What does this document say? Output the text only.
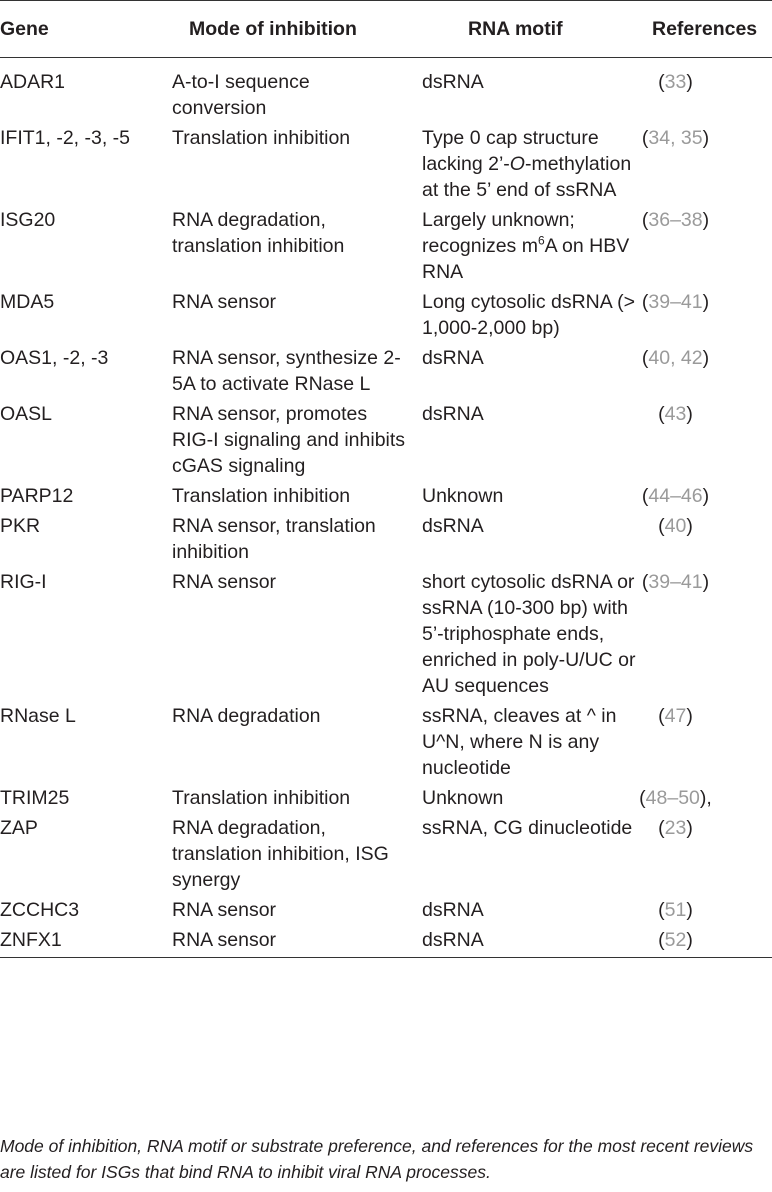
Gene	Mode of inhibition	RNA motif	References
ADAR1	A-to-I sequence conversion	dsRNA	(33)
IFIT1, -2, -3, -5	Translation inhibition	Type 0 cap structure lacking 2’-O-methylation at the 5’ end of ssRNA	(34, 35)
ISG20	RNA degradation, translation inhibition	Largely unknown; recognizes $m^6A$ on HBV RNA	(36–38)
MDA5	RNA sensor	Long cytosolic dsRNA (> 1,000-2,000 bp)	(39–41)
OAS1, -2, -3	RNA sensor, synthesize 2-5A to activate RNase L	dsRNA	(40, 42)
OASL	RNA sensor, promotes RIG-I signaling and inhibits cGAS signaling	dsRNA	(43)
PARP12	Translation inhibition	Unknown	(44–46)
PKR	RNA sensor, translation inhibition	dsRNA	(40)
RIG-I	RNA sensor	short cytosolic dsRNA or ssRNA (10-300 bp) with 5’-triphosphate ends, enriched in poly-U/UC or AU sequences	(39–41)
RNase L	RNA degradation	ssRNA, cleaves at ^ in U^N, where N is any nucleotide	(47)
TRIM25	Translation inhibition	Unknown	(48–50),
ZAP	RNA degradation, translation inhibition, ISG synergy	ssRNA, CG dinucleotide	(23)
ZCCHC3	RNA sensor	dsRNA	(51)
ZNFX1	RNA sensor	dsRNA	(52)
Mode of inhibition, RNA motif or substrate preference, and references for the most recent reviews are listed for ISGs that bind RNA to inhibit viral RNA processes.
